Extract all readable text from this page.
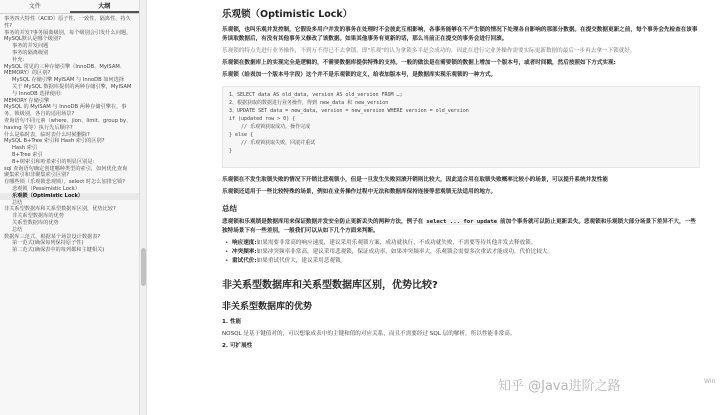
文件	大纲
事务四大特性（ACID）原子性、一致性、隔离性、持久性?
事务的并发?事务隔离级别，每个级别会引发什么问题，MySQL默认是哪个级别?
事务的并发问题
事务的隔离级别
补充:
MySQL 常见的三种存储引擎（InnoDB、MyISAM、MEMORY）的区别?
MySQL 存储引擎 MyISAM 与 InnoDB 如何选择
关于 MySQL 数据库提供的两种存储引擎，MyISAM 与 InnoDB 选择使用:
MEMORY 存储引擎
MySQL 的 MyISAM 与 InnoDB 两种存储引擎在，事务、锁级别，各自的适用场景?
查询语句不同元素（where、jion、limit、group by、having 等等）执行先后顺序?
什么是临时表，临时表什么时候删除?
MySQL B+Tree 索引和 Hash 索引的区别?
Hash 索引
B+Tree 索引
B+树索引和哈希索引的明显区别是:
sql 查询语句确定创建哪种类型的索引，如何优化查询
聚集索引和非聚集索引区别?
有哪些锁（乐观锁悲观锁），select 时怎么加排它锁?
悲观锁（Pessimistic Lock）
乐观锁（Optimistic Lock）
总结
非关系型数据库和关系型数据库区别，优势比较?
非关系型数据库的优势
关系型数据库的优势
总结
数据库三范式，根据某个场景设计数据表?
第一范式(确保每列保持原子性)
第二范式(确保表中的每列都和主键相关)
乐观锁（Optimistic Lock）

乐观锁，也叫乐观并发控制，它假设多用户并发的事务在处理时不会彼此互相影响，各事务能够在不产生锁的情况下处理各自影响的那部分数据。在提交数据更新之前，每个事务会先检查在该事务读取数据后，有没有其他事务又修改了该数据。如果其他事务有更新的话，那么当前正在提交的事务会进行回滚。

乐观锁的特点先进行业务操作，不到万不得已不去拿锁。即"乐观"的认为拿锁多半是会成功的，因此在进行完业务操作需要实际更新数据的最后一步再去拿一下锁就好。

乐观锁在数据库上的实现完全是逻辑的，不需要数据库提供特殊的支持。一般的做法是在需要锁的数据上增加一个版本号，或者时间戳，然后按照如下方式实现:

乐观锁（给表加一个版本号字段）这个并不是乐观锁的定义，给表加版本号，是数据库实现乐观锁的一种方式。

1、SELECT data AS old_data, version AS old_version FROM …;
2、根据获取的数据进行业务操作，得到 new_data 和 new_version
3、UPDATE SET data = new_data, version = new_version WHERE version = old_version
if (updated row > 0) {
// 乐观锁获取成功，操作完成
} else {
// 乐观锁获取失败，回滚并重试
}

乐观锁在不发生取锁失败的情况下开销比悲观锁小，但是一旦发生失败回滚开销则比较大，因此适合用在取锁失败概率比较小的场景，可以提升系统并发性能

乐观锁还适用于一些比较特殊的场景，例如在业务操作过程中无法和数据库保持连接等悲观锁无法适用的地方。

总结

悲观锁和乐观锁是数据库用来保证数据并发安全防止更新丢失的两种方法，例子在 select ... for update 前加个事务就可以防止更新丢失。悲观锁和乐观锁大部分场景下差异不大，一些独特场景下有一些差别，一般我们可以从如下几个方面来判断。

• 响应速度:如果需要非常高的响应速度，建议采用乐观锁方案，成功就执行，不成功就失败，不需要等待其他并发去释放锁。
• 冲突频率:如果冲突频率非常高，建议采用悲观锁，保证成功率，如果冲突频率大，乐观锁会需要多次重试才能成功，代价比较大。
• 重试代价:如果重试代价大，建议采用悲观锁。
非关系型数据库和关系型数据库区别，优势比较?
非关系型数据库的优势

1. 性能

NOSQL 是基于键值对的，可以想象成表中的主键和值的对应关系，而且不需要经过 SQL 层的解析，所以性能非常高。

2. 可扩展性

知乎 @Java进阶之路	Win
